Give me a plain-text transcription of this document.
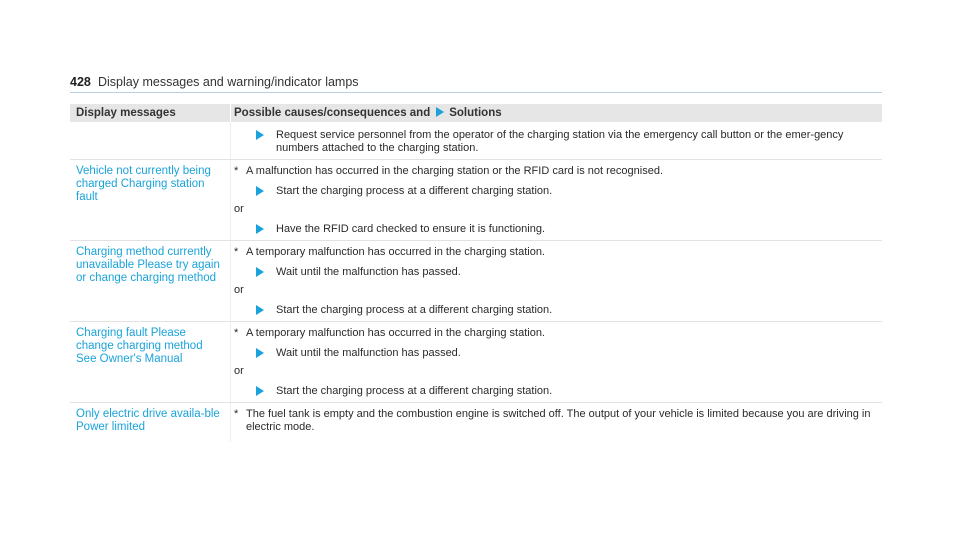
428 Display messages and warning/indicator lamps
Display messages	Possible causes/consequences and Solutions
Request service personnel from the operator of the charging station via the emergency call button or the emer-gency numbers attached to the charging station.
Vehicle not currently being charged Charging station fault
* A malfunction has occurred in the charging station or the RFID card is not recognised.
Start the charging process at a different charging station.
or
Have the RFID card checked to ensure it is functioning.
Charging method currently unavailable Please try again or change charging method
* A temporary malfunction has occurred in the charging station.
Wait until the malfunction has passed.
or
Start the charging process at a different charging station.
Charging fault Please change charging method See Owner's Manual
* A temporary malfunction has occurred in the charging station.
Wait until the malfunction has passed.
or
Start the charging process at a different charging station.
Only electric drive availa-ble Power limited
* The fuel tank is empty and the combustion engine is switched off. The output of your vehicle is limited because you are driving in electric mode.
